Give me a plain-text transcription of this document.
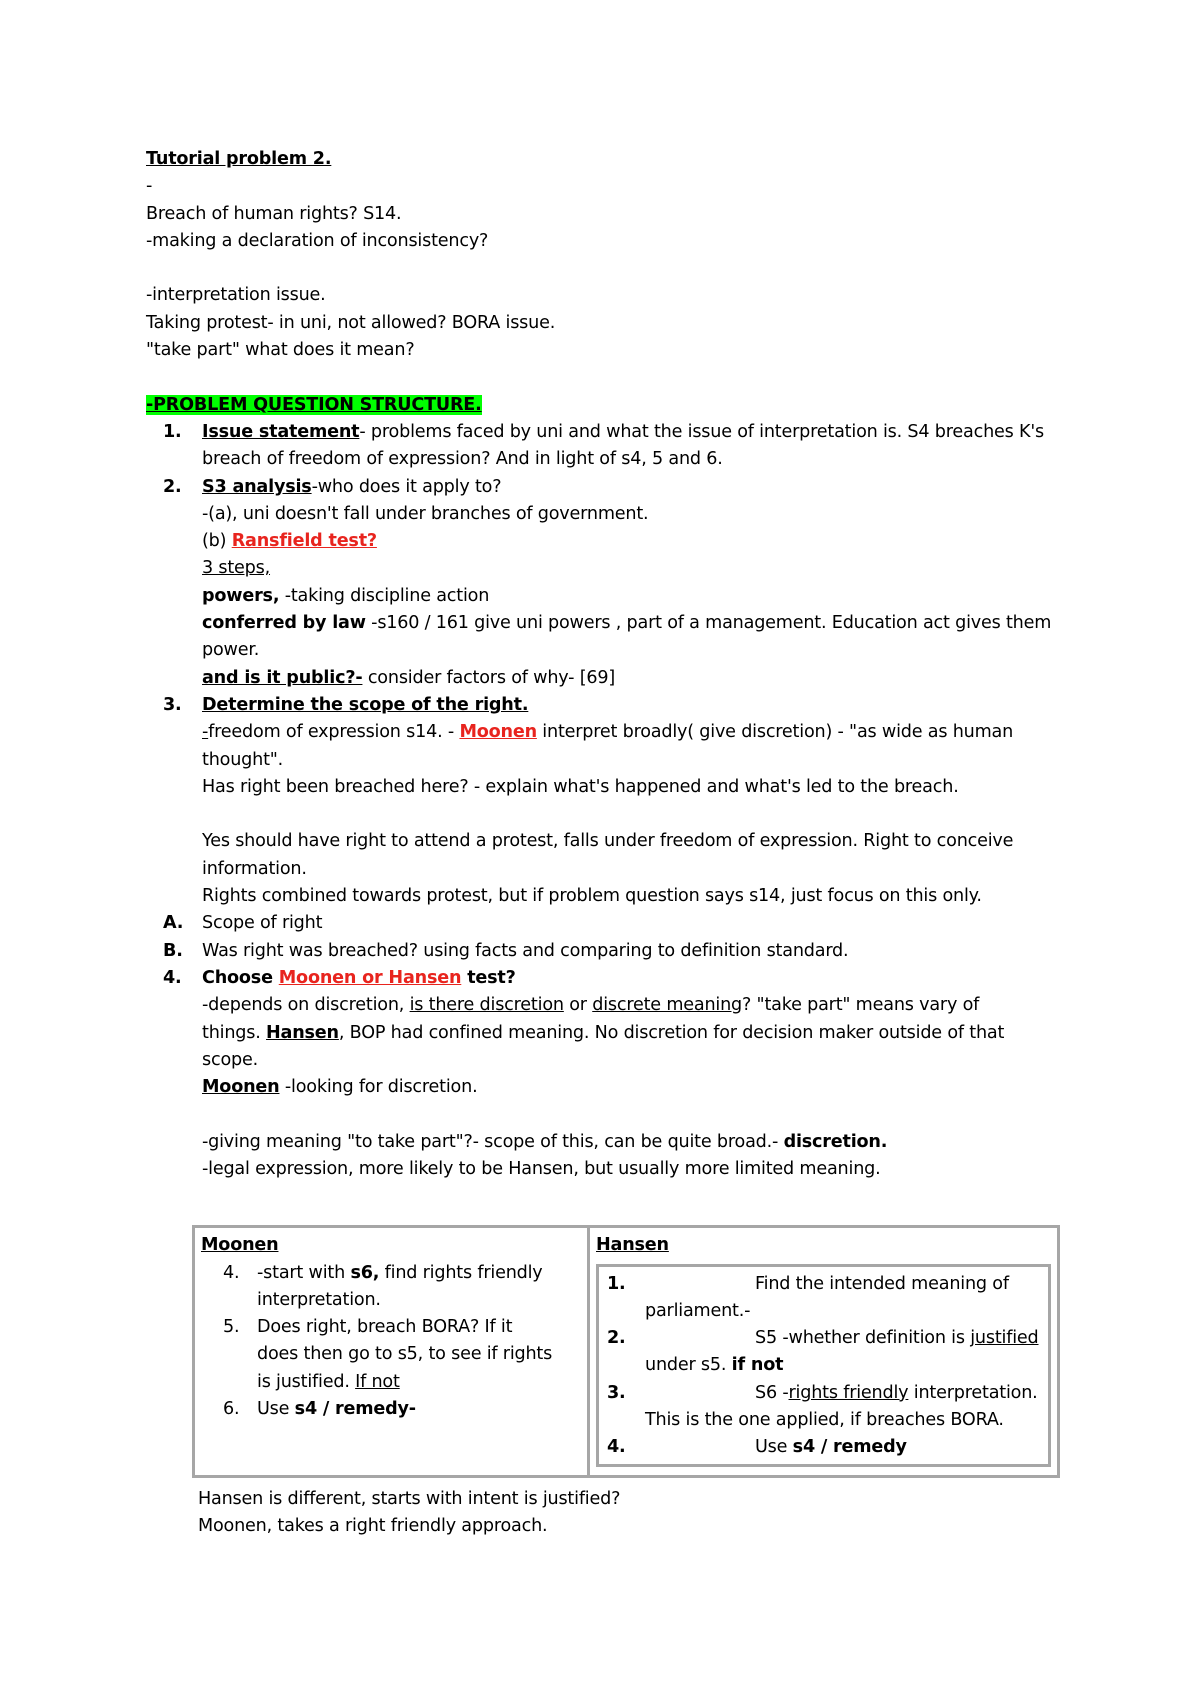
Tutorial problem 2.
-
Breach of human rights? S14.
-making a declaration of inconsistency?
-interpretation issue.
Taking protest- in uni, not allowed? BORA issue.
"take part" what does it mean?
-PROBLEM QUESTION STRUCTURE.
1. Issue statement- problems faced by uni and what the issue of interpretation is. S4 breaches K's
breach of freedom of expression? And in light of s4, 5 and 6.
2. S3 analysis-who does it apply to?
-(a), uni doesn't fall under branches of government.
(b) Ransfield test?
3 steps,
powers, -taking discipline action
conferred by law -s160 / 161 give uni powers , part of a management. Education act gives them
power.
and is it public?- consider factors of why- [69]
3. Determine the scope of the right.
-freedom of expression s14. - Moonen interpret broadly( give discretion) - "as wide as human
thought".
Has right been breached here? - explain what's happened and what's led to the breach.
Yes should have right to attend a protest, falls under freedom of expression. Right to conceive
information.
Rights combined towards protest, but if problem question says s14, just focus on this only.
A. Scope of right
B. Was right was breached? using facts and comparing to definition standard.
4. Choose Moonen or Hansen test?
-depends on discretion, is there discretion or discrete meaning? "take part" means vary of
things. Hansen, BOP had confined meaning. No discretion for decision maker outside of that
scope.
Moonen -looking for discretion.
-giving meaning "to take part"?- scope of this, can be quite broad.- discretion.
-legal expression, more likely to be Hansen, but usually more limited meaning.
Moonen
4. -start with s6, find rights friendly
interpretation.
5. Does right, breach BORA? If it
does then go to s5, to see if rights
is justified. If not
6. Use s4 / remedy-

Hansen
1.	Find the intended meaning of
parliament.-
2.	S5 -whether definition is justified
under s5. if not
3.	S6 -rights friendly interpretation.
This is the one applied, if breaches BORA.
4.	Use s4 / remedy
Hansen is different, starts with intent is justified?
Moonen, takes a right friendly approach.
